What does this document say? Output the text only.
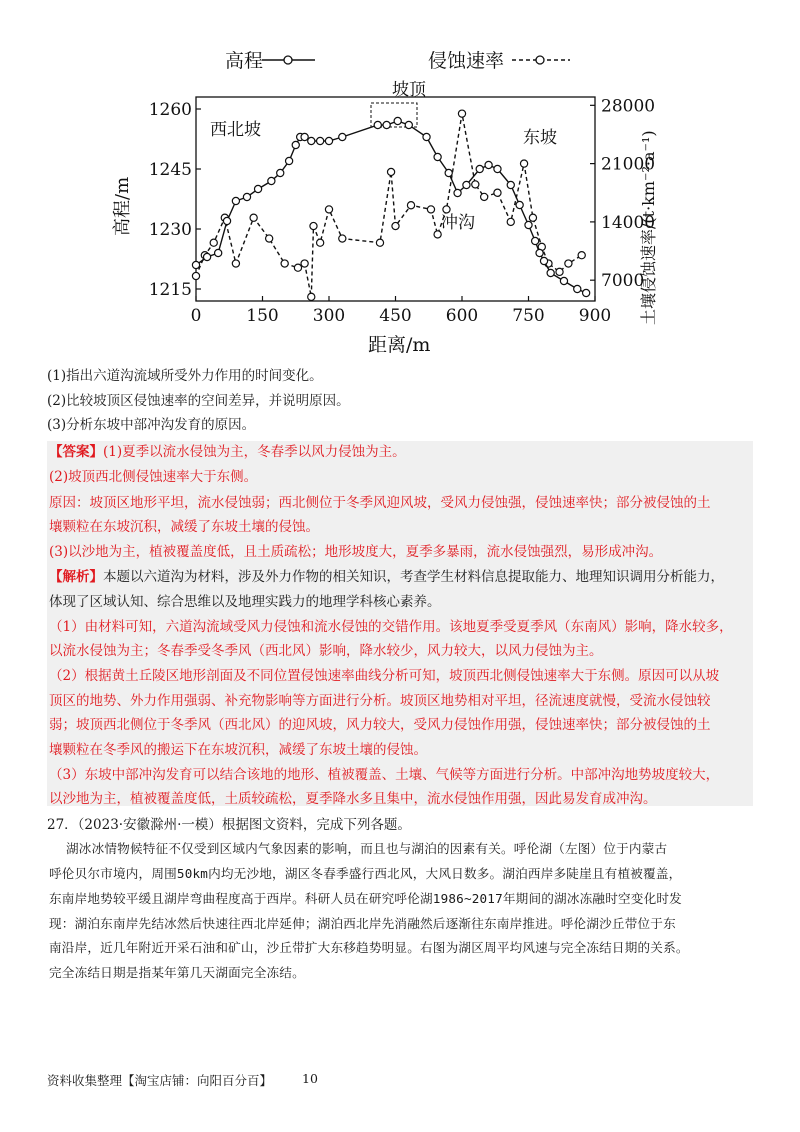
高程	侵蚀速率
0	150 300 450 600 750 900
1215
1230
1245
1260
7000
14000
21000
28000
坡顶
西北坡	东坡
冲沟
距离/m
高程/m	土壤侵蚀速率/(t·km⁻²·a⁻¹)
(1)指出六道沟流域所受外力作用的时间变化。
(2)比较坡顶区侵蚀速率的空间差异，并说明原因。
(3)分析东坡中部冲沟发育的原因。
【答案】(1)夏季以流水侵蚀为主，冬春季以风力侵蚀为主。
(2)坡顶西北侧侵蚀速率大于东侧。
原因：坡顶区地形平坦，流水侵蚀弱；西北侧位于冬季风迎风坡，受风力侵蚀强，侵蚀速率快；部分被侵蚀的土
壤颗粒在东坡沉积，减缓了东坡土壤的侵蚀。
(3)以沙地为主，植被覆盖度低，且土质疏松；地形坡度大，夏季多暴雨，流水侵蚀强烈，易形成冲沟。
【解析】本题以六道沟为材料，涉及外力作物的相关知识，考查学生材料信息提取能力、地理知识调用分析能力，
体现了区域认知、综合思维以及地理实践力的地理学科核心素养。
（1）由材料可知，六道沟流域受风力侵蚀和流水侵蚀的交错作用。该地夏季受夏季风（东南风）影响，降水较多，
以流水侵蚀为主；冬春季受冬季风（西北风）影响，降水较少，风力较大，以风力侵蚀为主。
（2）根据黄土丘陵区地形剖面及不同位置侵蚀速率曲线分析可知，坡顶西北侧侵蚀速率大于东侧。原因可以从坡
顶区的地势、外力作用强弱、补充物影响等方面进行分析。坡顶区地势相对平坦，径流速度就慢，受流水侵蚀较
弱；坡顶西北侧位于冬季风（西北风）的迎风坡，风力较大，受风力侵蚀作用强，侵蚀速率快；部分被侵蚀的土
壤颗粒在冬季风的搬运下在东坡沉积，减缓了东坡土壤的侵蚀。
（3）东坡中部冲沟发育可以结合该地的地形、植被覆盖、土壤、气候等方面进行分析。中部冲沟地势坡度较大，
以沙地为主，植被覆盖度低，土质较疏松，夏季降水多且集中，流水侵蚀作用强，因此易发育成冲沟。
27．（2023·安徽滁州·一模）根据图文资料，完成下列各题。
湖冰冰情物候特征不仅受到区域内气象因素的影响，而且也与湖泊的因素有关。呼伦湖（左图）位于内蒙古
呼伦贝尔市境内，周围50km内均无沙地，湖区冬春季盛行西北风，大风日数多。湖泊西岸多陡崖且有植被覆盖，
东南岸地势较平缓且湖岸弯曲程度高于西岸。科研人员在研究呼伦湖1986~2017年期间的湖冰冻融时空变化时发
现：湖泊东南岸先结冰然后快速往西北岸延伸；湖泊西北岸先消融然后逐渐往东南岸推进。呼伦湖沙丘带位于东
南沿岸，近几年附近开采石油和矿山，沙丘带扩大东移趋势明显。右图为湖区周平均风速与完全冻结日期的关系。
完全冻结日期是指某年第几天湖面完全冻结。
资料收集整理【淘宝店铺：向阳百分百】 10
